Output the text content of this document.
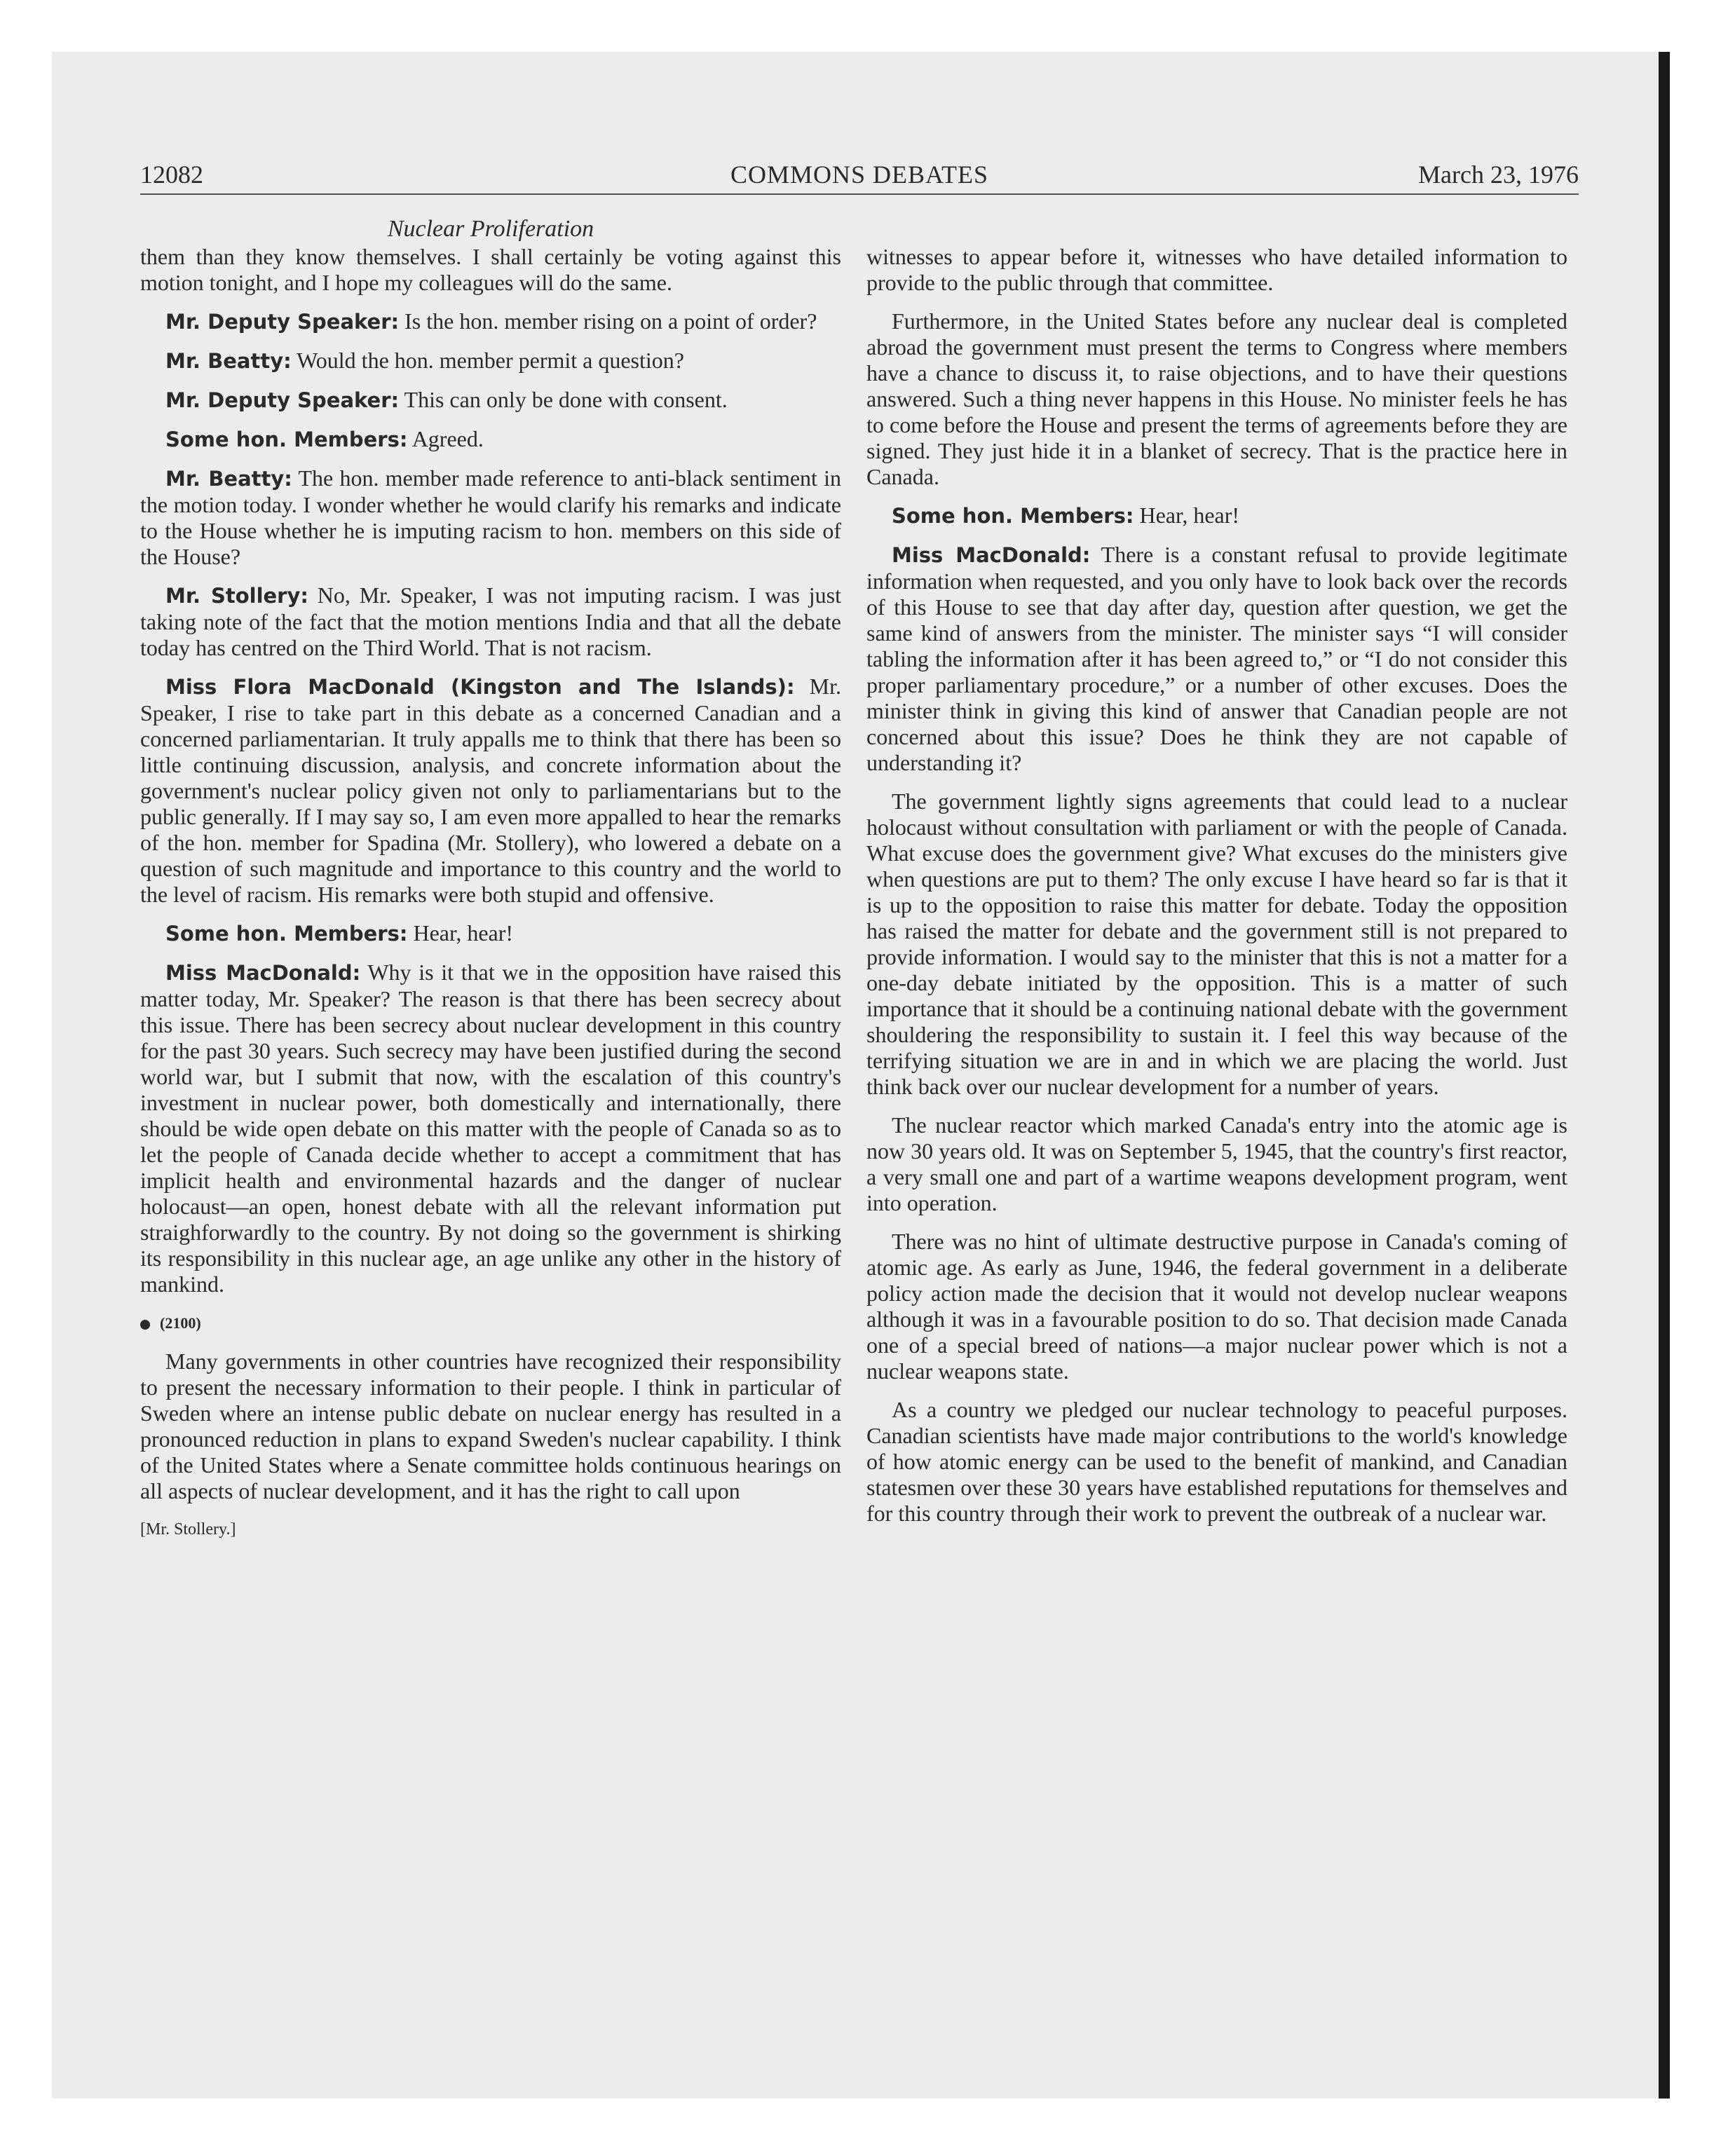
12082	COMMONS DEBATES	March 23, 1976
Nuclear Proliferation

them than they know themselves. I shall certainly be voting against this motion tonight, and I hope my colleagues will do the same.

Mr. Deputy Speaker: Is the hon. member rising on a point of order?

Mr. Beatty: Would the hon. member permit a question?

Mr. Deputy Speaker: This can only be done with consent.

Some hon. Members: Agreed.

Mr. Beatty: The hon. member made reference to anti-black sentiment in the motion today. I wonder whether he would clarify his remarks and indicate to the House whether he is imputing racism to hon. members on this side of the House?

Mr. Stollery: No, Mr. Speaker, I was not imputing racism. I was just taking note of the fact that the motion mentions India and that all the debate today has centred on the Third World. That is not racism.

Miss Flora MacDonald (Kingston and The Islands): Mr. Speaker, I rise to take part in this debate as a concerned Canadian and a concerned parliamentarian. It truly appalls me to think that there has been so little continuing discussion, analysis, and concrete information about the government's nuclear policy given not only to parliamentarians but to the public generally. If I may say so, I am even more appalled to hear the remarks of the hon. member for Spadina (Mr. Stollery), who lowered a debate on a question of such magnitude and importance to this country and the world to the level of racism. His remarks were both stupid and offensive.

Some hon. Members: Hear, hear!

Miss MacDonald: Why is it that we in the opposition have raised this matter today, Mr. Speaker? The reason is that there has been secrecy about this issue. There has been secrecy about nuclear development in this country for the past 30 years. Such secrecy may have been justified during the second world war, but I submit that now, with the escalation of this country's investment in nuclear power, both domestically and internationally, there should be wide open debate on this matter with the people of Canada so as to let the people of Canada decide whether to accept a commitment that has implicit health and environmental hazards and the danger of nuclear holocaust—an open, honest debate with all the relevant information put straighforwardly to the country. By not doing so the government is shirking its responsibility in this nuclear age, an age unlike any other in the history of mankind.

(2100)

Many governments in other countries have recognized their responsibility to present the necessary information to their people. I think in particular of Sweden where an intense public debate on nuclear energy has resulted in a pronounced reduction in plans to expand Sweden's nuclear capability. I think of the United States where a Senate committee holds continuous hearings on all aspects of nuclear development, and it has the right to call upon

[Mr. Stollery.]

witnesses to appear before it, witnesses who have detailed information to provide to the public through that committee.

Furthermore, in the United States before any nuclear deal is completed abroad the government must present the terms to Congress where members have a chance to discuss it, to raise objections, and to have their questions answered. Such a thing never happens in this House. No minister feels he has to come before the House and present the terms of agreements before they are signed. They just hide it in a blanket of secrecy. That is the practice here in Canada.

Some hon. Members: Hear, hear!

Miss MacDonald: There is a constant refusal to provide legitimate information when requested, and you only have to look back over the records of this House to see that day after day, question after question, we get the same kind of answers from the minister. The minister says “I will consider tabling the information after it has been agreed to,” or “I do not consider this proper parliamentary procedure,” or a number of other excuses. Does the minister think in giving this kind of answer that Canadian people are not concerned about this issue? Does he think they are not capable of understanding it?

The government lightly signs agreements that could lead to a nuclear holocaust without consultation with parliament or with the people of Canada. What excuse does the government give? What excuses do the ministers give when questions are put to them? The only excuse I have heard so far is that it is up to the opposition to raise this matter for debate. Today the opposition has raised the matter for debate and the government still is not prepared to provide information. I would say to the minister that this is not a matter for a one-day debate initiated by the opposition. This is a matter of such importance that it should be a continuing national debate with the government shouldering the responsibility to sustain it. I feel this way because of the terrifying situation we are in and in which we are placing the world. Just think back over our nuclear development for a number of years.

The nuclear reactor which marked Canada's entry into the atomic age is now 30 years old. It was on September 5, 1945, that the country's first reactor, a very small one and part of a wartime weapons development program, went into operation.

There was no hint of ultimate destructive purpose in Canada's coming of atomic age. As early as June, 1946, the federal government in a deliberate policy action made the decision that it would not develop nuclear weapons although it was in a favourable position to do so. That decision made Canada one of a special breed of nations—a major nuclear power which is not a nuclear weapons state.

As a country we pledged our nuclear technology to peaceful purposes. Canadian scientists have made major contributions to the world's knowledge of how atomic energy can be used to the benefit of mankind, and Canadian statesmen over these 30 years have established reputations for themselves and for this country through their work to prevent the outbreak of a nuclear war.
